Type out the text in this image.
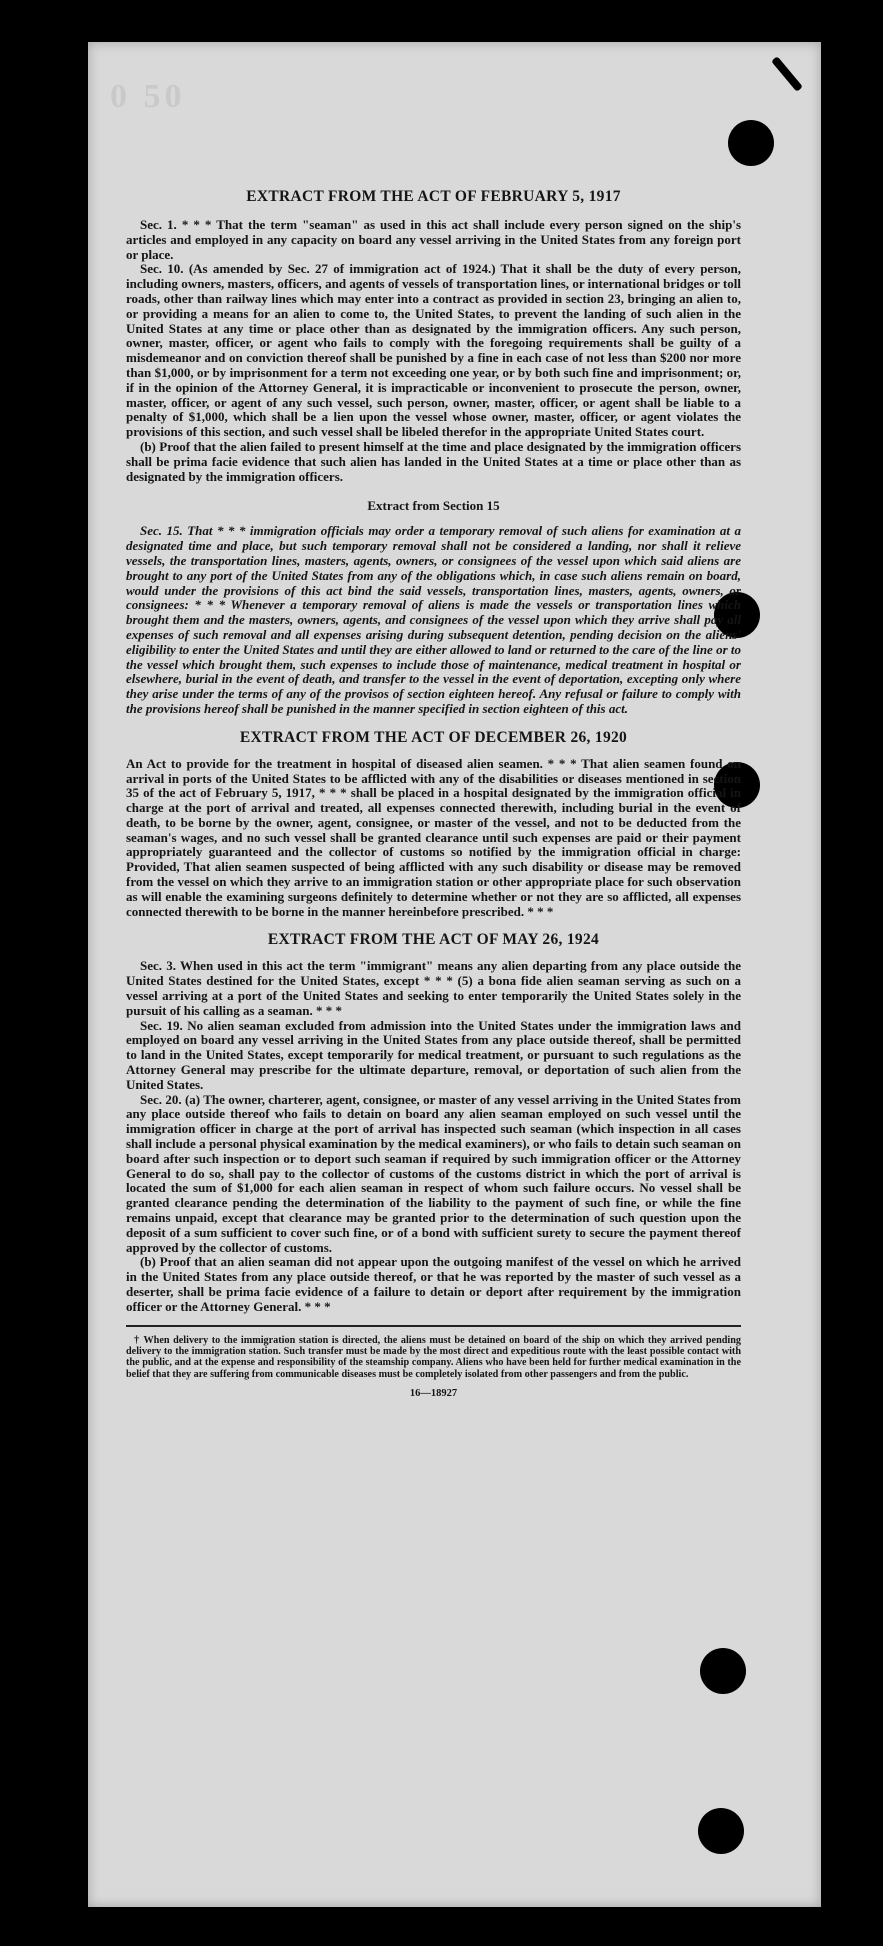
0 50
EXTRACT FROM THE ACT OF FEBRUARY 5, 1917

Sec. 1. * * * That the term "seaman" as used in this act shall include every person signed on the ship's articles and employed in any capacity on board any vessel arriving in the United States from any foreign port or place.

Sec. 10. (As amended by Sec. 27 of immigration act of 1924.) That it shall be the duty of every person, including owners, masters, officers, and agents of vessels of transportation lines, or international bridges or toll roads, other than railway lines which may enter into a contract as provided in section 23, bringing an alien to, or providing a means for an alien to come to, the United States, to prevent the landing of such alien in the United States at any time or place other than as designated by the immigration officers. Any such person, owner, master, officer, or agent who fails to comply with the foregoing requirements shall be guilty of a misdemeanor and on conviction thereof shall be punished by a fine in each case of not less than $200 nor more than $1,000, or by imprisonment for a term not exceeding one year, or by both such fine and imprisonment; or, if in the opinion of the Attorney General, it is impracticable or inconvenient to prosecute the person, owner, master, officer, or agent of any such vessel, such person, owner, master, officer, or agent shall be liable to a penalty of $1,000, which shall be a lien upon the vessel whose owner, master, officer, or agent violates the provisions of this section, and such vessel shall be libeled therefor in the appropriate United States court.

(b) Proof that the alien failed to present himself at the time and place designated by the immigration officers shall be prima facie evidence that such alien has landed in the United States at a time or place other than as designated by the immigration officers.

Extract from Section 15

Sec. 15. That * * * immigration officials may order a temporary removal of such aliens for examination at a designated time and place, but such temporary removal shall not be considered a landing, nor shall it relieve vessels, the transportation lines, masters, agents, owners, or consignees of the vessel upon which said aliens are brought to any port of the United States from any of the obligations which, in case such aliens remain on board, would under the provisions of this act bind the said vessels, transportation lines, masters, agents, owners, or consignees: * * * Whenever a temporary removal of aliens is made the vessels or transportation lines which brought them and the masters, owners, agents, and consignees of the vessel upon which they arrive shall pay all expenses of such removal and all expenses arising during subsequent detention, pending decision on the aliens' eligibility to enter the United States and until they are either allowed to land or returned to the care of the line or to the vessel which brought them, such expenses to include those of maintenance, medical treatment in hospital or elsewhere, burial in the event of death, and transfer to the vessel in the event of deportation, excepting only where they arise under the terms of any of the provisos of section eighteen hereof. Any refusal or failure to comply with the provisions hereof shall be punished in the manner specified in section eighteen of this act.

EXTRACT FROM THE ACT OF DECEMBER 26, 1920

An Act to provide for the treatment in hospital of diseased alien seamen. * * * That alien seamen found on arrival in ports of the United States to be afflicted with any of the disabilities or diseases mentioned in section 35 of the act of February 5, 1917, * * * shall be placed in a hospital designated by the immigration official in charge at the port of arrival and treated, all expenses connected therewith, including burial in the event of death, to be borne by the owner, agent, consignee, or master of the vessel, and not to be deducted from the seaman's wages, and no such vessel shall be granted clearance until such expenses are paid or their payment appropriately guaranteed and the collector of customs so notified by the immigration official in charge: Provided, That alien seamen suspected of being afflicted with any such disability or disease may be removed from the vessel on which they arrive to an immigration station or other appropriate place for such observation as will enable the examining surgeons definitely to determine whether or not they are so afflicted, all expenses connected therewith to be borne in the manner hereinbefore prescribed. * * *

EXTRACT FROM THE ACT OF MAY 26, 1924

Sec. 3. When used in this act the term "immigrant" means any alien departing from any place outside the United States destined for the United States, except * * * (5) a bona fide alien seaman serving as such on a vessel arriving at a port of the United States and seeking to enter temporarily the United States solely in the pursuit of his calling as a seaman. * * *

Sec. 19. No alien seaman excluded from admission into the United States under the immigration laws and employed on board any vessel arriving in the United States from any place outside thereof, shall be permitted to land in the United States, except temporarily for medical treatment, or pursuant to such regulations as the Attorney General may prescribe for the ultimate departure, removal, or deportation of such alien from the United States.

Sec. 20. (a) The owner, charterer, agent, consignee, or master of any vessel arriving in the United States from any place outside thereof who fails to detain on board any alien seaman employed on such vessel until the immigration officer in charge at the port of arrival has inspected such seaman (which inspection in all cases shall include a personal physical examination by the medical examiners), or who fails to detain such seaman on board after such inspection or to deport such seaman if required by such immigration officer or the Attorney General to do so, shall pay to the collector of customs of the customs district in which the port of arrival is located the sum of $1,000 for each alien seaman in respect of whom such failure occurs. No vessel shall be granted clearance pending the determination of the liability to the payment of such fine, or while the fine remains unpaid, except that clearance may be granted prior to the determination of such question upon the deposit of a sum sufficient to cover such fine, or of a bond with sufficient surety to secure the payment thereof approved by the collector of customs.

(b) Proof that an alien seaman did not appear upon the outgoing manifest of the vessel on which he arrived in the United States from any place outside thereof, or that he was reported by the master of such vessel as a deserter, shall be prima facie evidence of a failure to detain or deport after requirement by the immigration officer or the Attorney General. * * *

† When delivery to the immigration station is directed, the aliens must be detained on board of the ship on which they arrived pending delivery to the immigration station. Such transfer must be made by the most direct and expeditious route with the least possible contact with the public, and at the expense and responsibility of the steamship company. Aliens who have been held for further medical examination in the belief that they are suffering from communicable diseases must be completely isolated from other passengers and from the public.

16—18927
